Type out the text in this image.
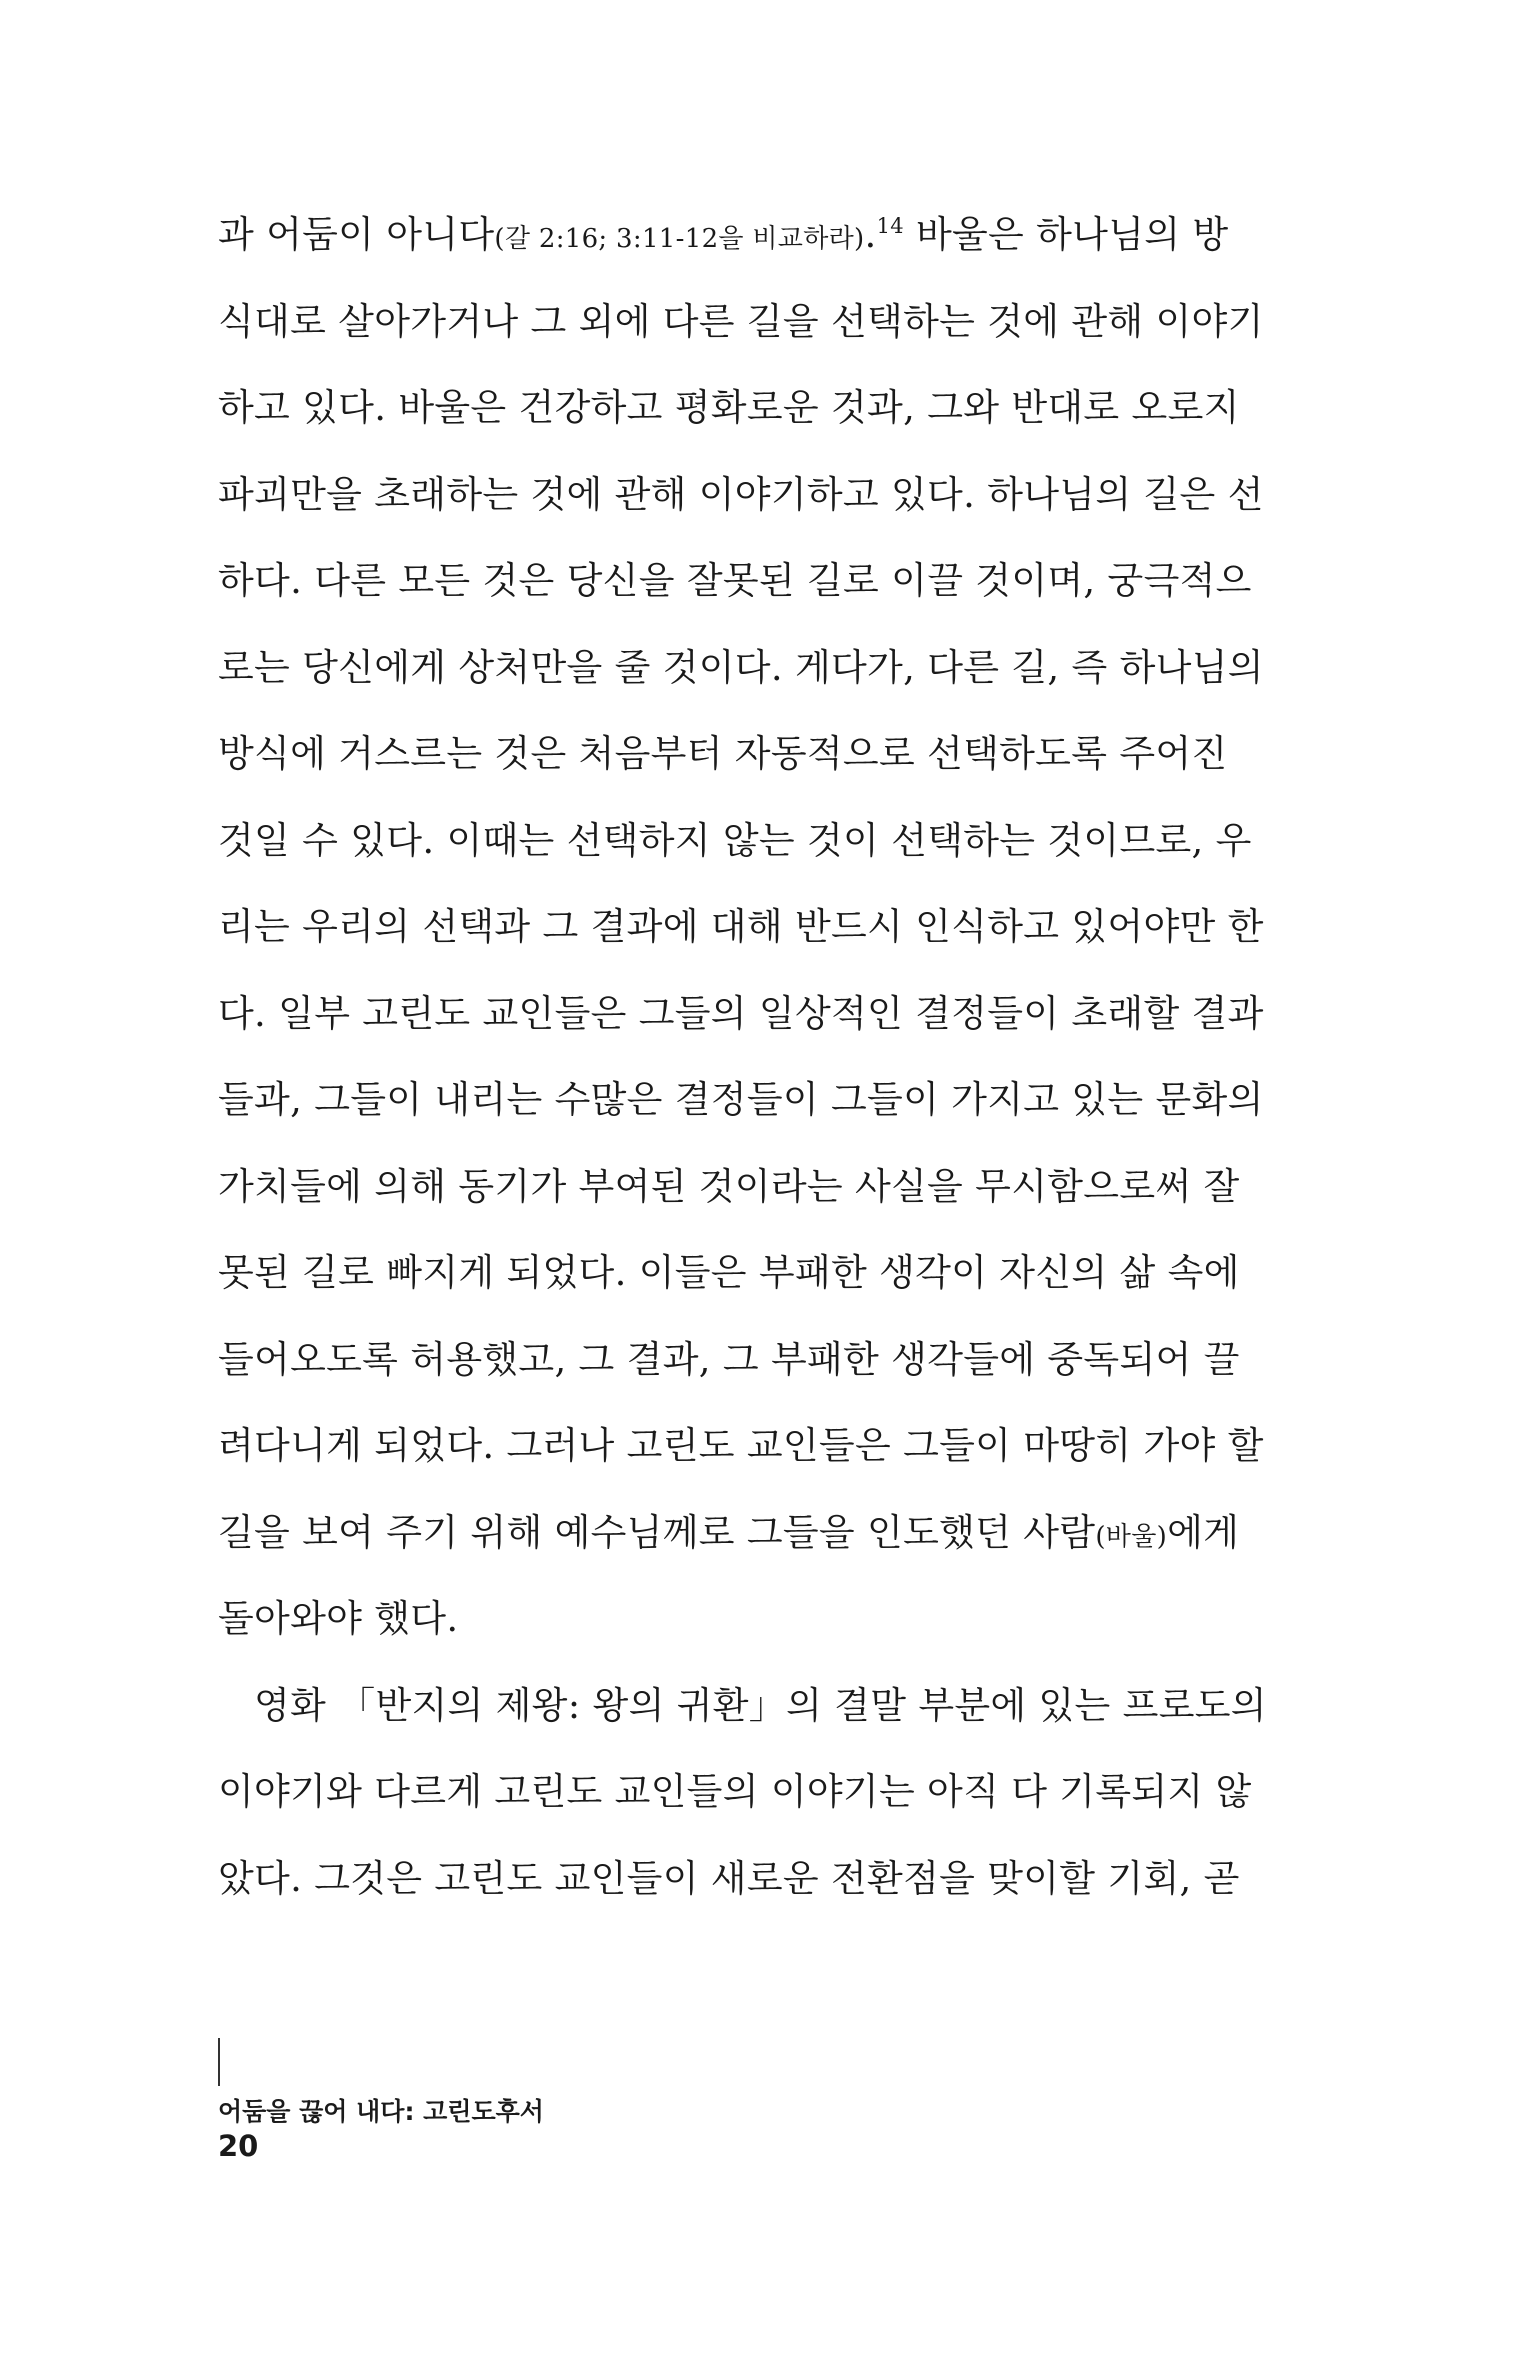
과 어둠이 아니다(갈 2:16; 3:11-12을 비교하라).$^{14}$ 바울은 하나님의 방
식대로 살아가거나 그 외에 다른 길을 선택하는 것에 관해 이야기
하고 있다. 바울은 건강하고 평화로운 것과, 그와 반대로 오로지
파괴만을 초래하는 것에 관해 이야기하고 있다. 하나님의 길은 선
하다. 다른 모든 것은 당신을 잘못된 길로 이끌 것이며, 궁극적으
로는 당신에게 상처만을 줄 것이다. 게다가, 다른 길, 즉 하나님의
방식에 거스르는 것은 처음부터 자동적으로 선택하도록 주어진
것일 수 있다. 이때는 선택하지 않는 것이 선택하는 것이므로, 우
리는 우리의 선택과 그 결과에 대해 반드시 인식하고 있어야만 한
다. 일부 고린도 교인들은 그들의 일상적인 결정들이 초래할 결과
들과, 그들이 내리는 수많은 결정들이 그들이 가지고 있는 문화의
가치들에 의해 동기가 부여된 것이라는 사실을 무시함으로써 잘
못된 길로 빠지게 되었다. 이들은 부패한 생각이 자신의 삶 속에
들어오도록 허용했고, 그 결과, 그 부패한 생각들에 중독되어 끌
려다니게 되었다. 그러나 고린도 교인들은 그들이 마땅히 가야 할
길을 보여 주기 위해 예수님께로 그들을 인도했던 사람(바울)에게
돌아와야 했다.
영화 「반지의 제왕: 왕의 귀환」의 결말 부분에 있는 프로도의
이야기와 다르게 고린도 교인들의 이야기는 아직 다 기록되지 않
았다. 그것은 고린도 교인들이 새로운 전환점을 맞이할 기회, 곧
어둠을 끊어 내다: 고린도후서
20
